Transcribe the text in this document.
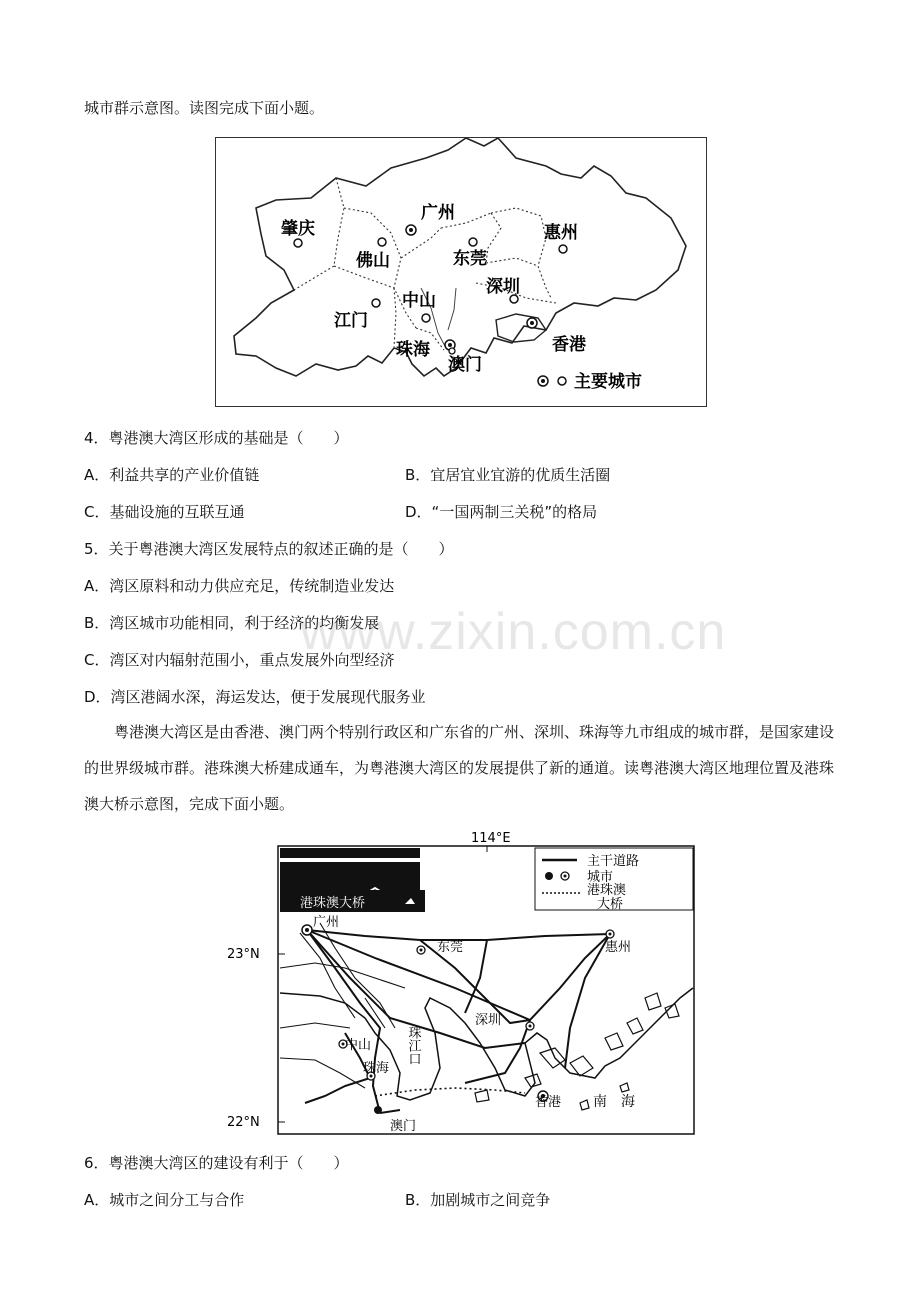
城市群示意图。读图完成下面小题。
肇庆
广州
佛山	东莞
惠州
深圳
江门
中山
珠海
澳门
香港
主要城市
4．粤港澳大湾区形成的基础是（　　）
A．利益共享的产业价值链	B．宜居宜业宜游的优质生活圈
C．基础设施的互联互通	D．“一国两制三关税”的格局
5．关于粤港澳大湾区发展特点的叙述正确的是（　　）
A．湾区原料和动力供应充足，传统制造业发达
B．湾区城市功能相同，利于经济的均衡发展
C．湾区对内辐射范围小，重点发展外向型经济
D．湾区港阔水深，海运发达，便于发展现代服务业
www.zixin.com.cn
粤港澳大湾区是由香港、澳门两个特别行政区和广东省的广州、深圳、珠海等九市组成的城市群，是国家建设的世界级城市群。港珠澳大桥建成通车，为粤港澳大湾区的发展提供了新的通道。读粤港澳大湾区地理位置及港珠澳大桥示意图，完成下面小题。
114°E
23°N
22°N
港珠澳大桥
主干道路
城市
港珠澳
大桥
广州
东莞	惠州
深圳
中山
珠海
澳门
香港
珠江口
南　海
6．粤港澳大湾区的建设有利于（　　）
A．城市之间分工与合作	B．加剧城市之间竞争
